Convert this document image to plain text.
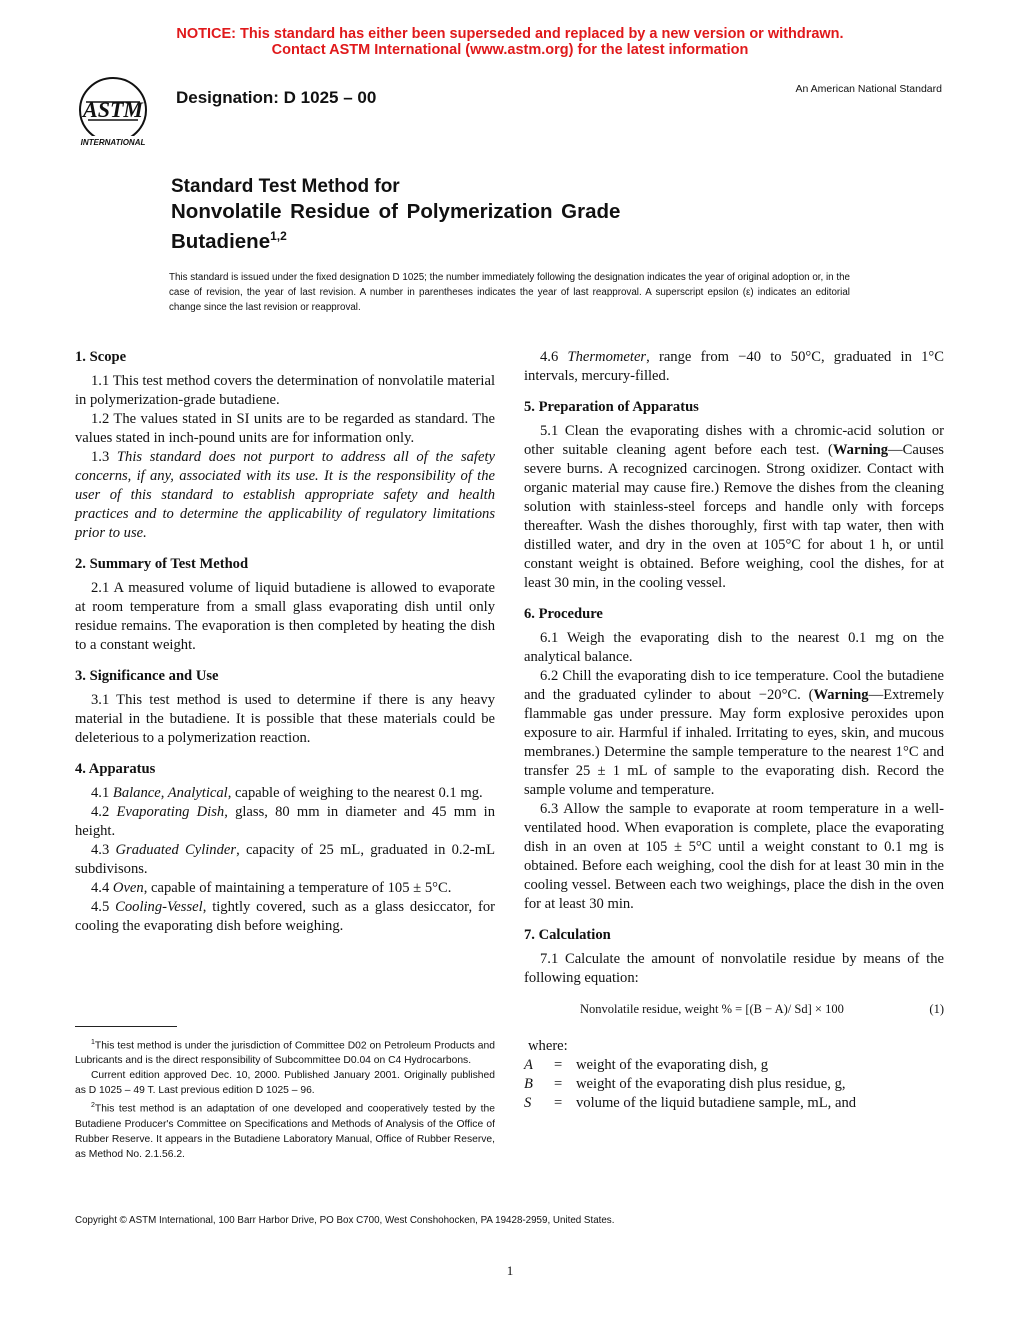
NOTICE: This standard has either been superseded and replaced by a new version or withdrawn.
Contact ASTM International (www.astm.org) for the latest information
ASTM
INTERNATIONAL
Designation: D 1025 – 00	An American National Standard
Standard Test Method for
Nonvolatile Residue of Polymerization Grade
Butadiene$^{1,2}$
This standard is issued under the fixed designation D 1025; the number immediately following the designation indicates the year of original adoption or, in the case of revision, the year of last revision. A number in parentheses indicates the year of last reapproval. A superscript epsilon (ε) indicates an editorial change since the last revision or reapproval.
1. Scope

1.1 This test method covers the determination of nonvolatile material in polymerization-grade butadiene.

1.2 The values stated in SI units are to be regarded as standard. The values stated in inch-pound units are for information only.

1.3 This standard does not purport to address all of the safety concerns, if any, associated with its use. It is the responsibility of the user of this standard to establish appropriate safety and health practices and to determine the applicability of regulatory limitations prior to use.

2. Summary of Test Method

2.1 A measured volume of liquid butadiene is allowed to evaporate at room temperature from a small glass evaporating dish until only residue remains. The evaporation is then completed by heating the dish to a constant weight.

3. Significance and Use

3.1 This test method is used to determine if there is any heavy material in the butadiene. It is possible that these materials could be deleterious to a polymerization reaction.

4. Apparatus

4.1 Balance, Analytical, capable of weighing to the nearest 0.1 mg.

4.2 Evaporating Dish, glass, 80 mm in diameter and 45 mm in height.

4.3 Graduated Cylinder, capacity of 25 mL, graduated in 0.2-mL subdivisons.

4.4 Oven, capable of maintaining a temperature of 105 ± 5°C.

4.5 Cooling-Vessel, tightly covered, such as a glass desiccator, for cooling the evaporating dish before weighing.

$^1$This test method is under the jurisdiction of Committee D02 on Petroleum Products and Lubricants and is the direct responsibility of Subcommittee D0.04 on C4 Hydrocarbons.

Current edition approved Dec. 10, 2000. Published January 2001. Originally published as D 1025 – 49 T. Last previous edition D 1025 – 96.

$^2$This test method is an adaptation of one developed and cooperatively tested by the Butadiene Producer's Committee on Specifications and Methods of Analysis of the Office of Rubber Reserve. It appears in the Butadiene Laboratory Manual, Office of Rubber Reserve, as Method No. 2.1.56.2.

4.6 Thermometer, range from −40 to 50°C, graduated in 1°C intervals, mercury-filled.

5. Preparation of Apparatus

5.1 Clean the evaporating dishes with a chromic-acid solution or other suitable cleaning agent before each test. (Warning—Causes severe burns. A recognized carcinogen. Strong oxidizer. Contact with organic material may cause fire.) Remove the dishes from the cleaning solution with stainless-steel forceps and handle only with forceps thereafter. Wash the dishes thoroughly, first with tap water, then with distilled water, and dry in the oven at 105°C for about 1 h, or until constant weight is obtained. Before weighing, cool the dishes, for at least 30 min, in the cooling vessel.

6. Procedure

6.1 Weigh the evaporating dish to the nearest 0.1 mg on the analytical balance.

6.2 Chill the evaporating dish to ice temperature. Cool the butadiene and the graduated cylinder to about −20°C. (Warning—Extremely flammable gas under pressure. May form explosive peroxides upon exposure to air. Harmful if inhaled. Irritating to eyes, skin, and mucous membranes.) Determine the sample temperature to the nearest 1°C and transfer 25 ± 1 mL of sample to the evaporating dish. Record the sample volume and temperature.

6.3 Allow the sample to evaporate at room temperature in a well-ventilated hood. When evaporation is complete, place the evaporating dish in an oven at 105 ± 5°C until a weight constant to 0.1 mg is obtained. Before each weighing, cool the dish for at least 30 min in the cooling vessel. Between each two weighings, place the dish in the oven for at least 30 min.

7. Calculation

7.1 Calculate the amount of nonvolatile residue by means of the following equation:

Nonvolatile residue, weight % = [(B − A)/ Sd] × 100	(1)
where:
A	= weight of the evaporating dish, g
B	= weight of the evaporating dish plus residue, g,
S	= volume of the liquid butadiene sample, mL, and
Copyright © ASTM International, 100 Barr Harbor Drive, PO Box C700, West Conshohocken, PA 19428-2959, United States.
1
